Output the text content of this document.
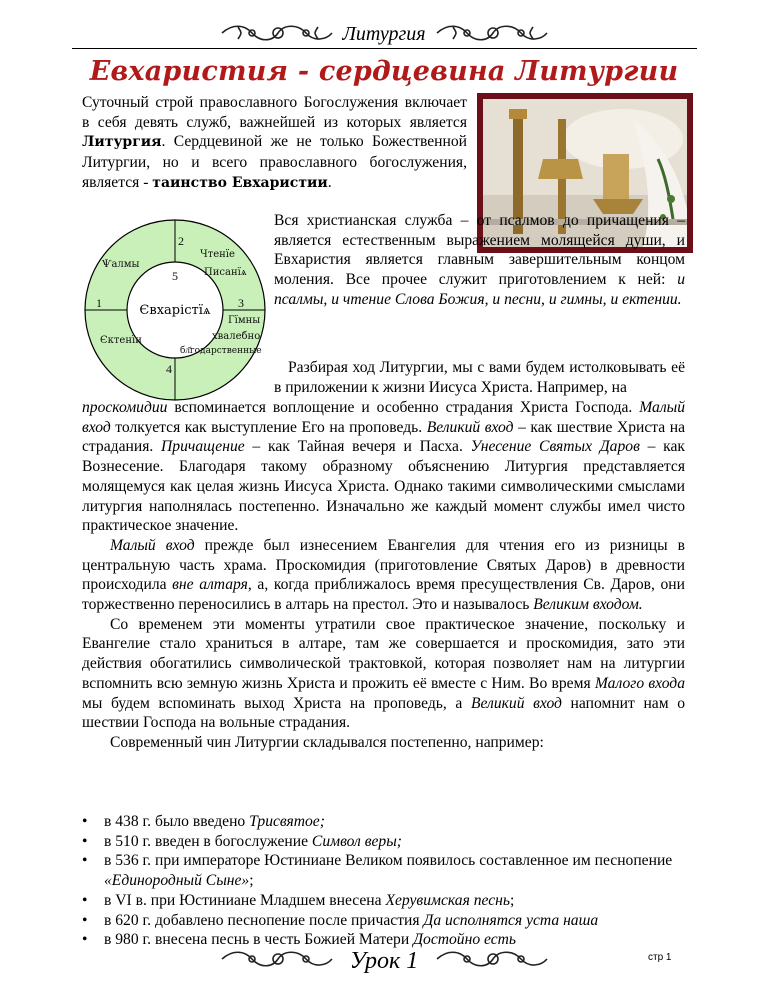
Литургия
Евхаристия - сердцевина Литургии

Суточный строй православного Богослужения включает в себя девять служб, важнейшей из которых является Литургия. Сердцевиной же не только Божественной Литургии, но и всего православного богослужения, является - таинство Евхаристии.

2
5
1	3
4
Ѱалмы
Єктенїи
Чтенїе
Писанїѧ
Гїмны
хвалебно
бл҃годарственные
Євхарістїѧ

Вся христианская служба – от псалмов до причащения – является естественным выражением молящейся души, и Евхаристия является главным завершительным концом моления. Все прочее служит приготовлением к ней: и псалмы, и чтение Слова Божия, и песни, и гимны, и ектении.

Разбирая ход Литургии, мы с вами будем истолковывать её в приложении к жизни Иисуса Христа. Например, на

проскомидии вспоминается воплощение и особенно страдания Христа Господа. Малый вход толкуется как выступление Его на проповедь. Великий вход – как шествие Христа на страдания. Причащение – как Тайная вечеря и Пасха. Унесение Святых Даров – как Вознесение. Благодаря такому образному объяснению Литургия представляется молящемуся как целая жизнь Иисуса Христа. Однако такими символическими смыслами литургия наполнялась постепенно. Изначально же каждый момент службы имел чисто практическое значение.

Малый вход прежде был изнесением Евангелия для чтения его из ризницы в центральную часть храма. Проскомидия (приготовление Святых Даров) в древности происходила вне алтаря, а, когда приближалось время пресуществления Св. Даров, они торжественно переносились в алтарь на престол. Это и называлось Великим входом.

Со временем эти моменты утратили свое практическое значение, поскольку и Евангелие стало храниться в алтаре, там же совершается и проскомидия, зато эти действия обогатились символической трактовкой, которая позволяет нам на литургии вспомнить всю земную жизнь Христа и прожить её вместе с Ним. Во время Малого входа мы будем вспоминать выход Христа на проповедь, а Великий вход напомнит нам о шествии Господа на вольные страдания.

Современный чин Литургии складывался постепенно, например:

• в 438 г. было введено Трисвятое;
• в 510 г. введен в богослужение Символ веры;
• в 536 г. при императоре Юстиниане Великом появилось составленное им песнопение «Единородный Сыне»;
• в VI в. при Юстиниане Младшем внесена Херувимская песнь;
• в 620 г. добавлено песнопение после причастия Да исполнятся уста наша
• в 980 г. внесена песнь в честь Божией Матери Достойно есть
Урок 1	стр 1
